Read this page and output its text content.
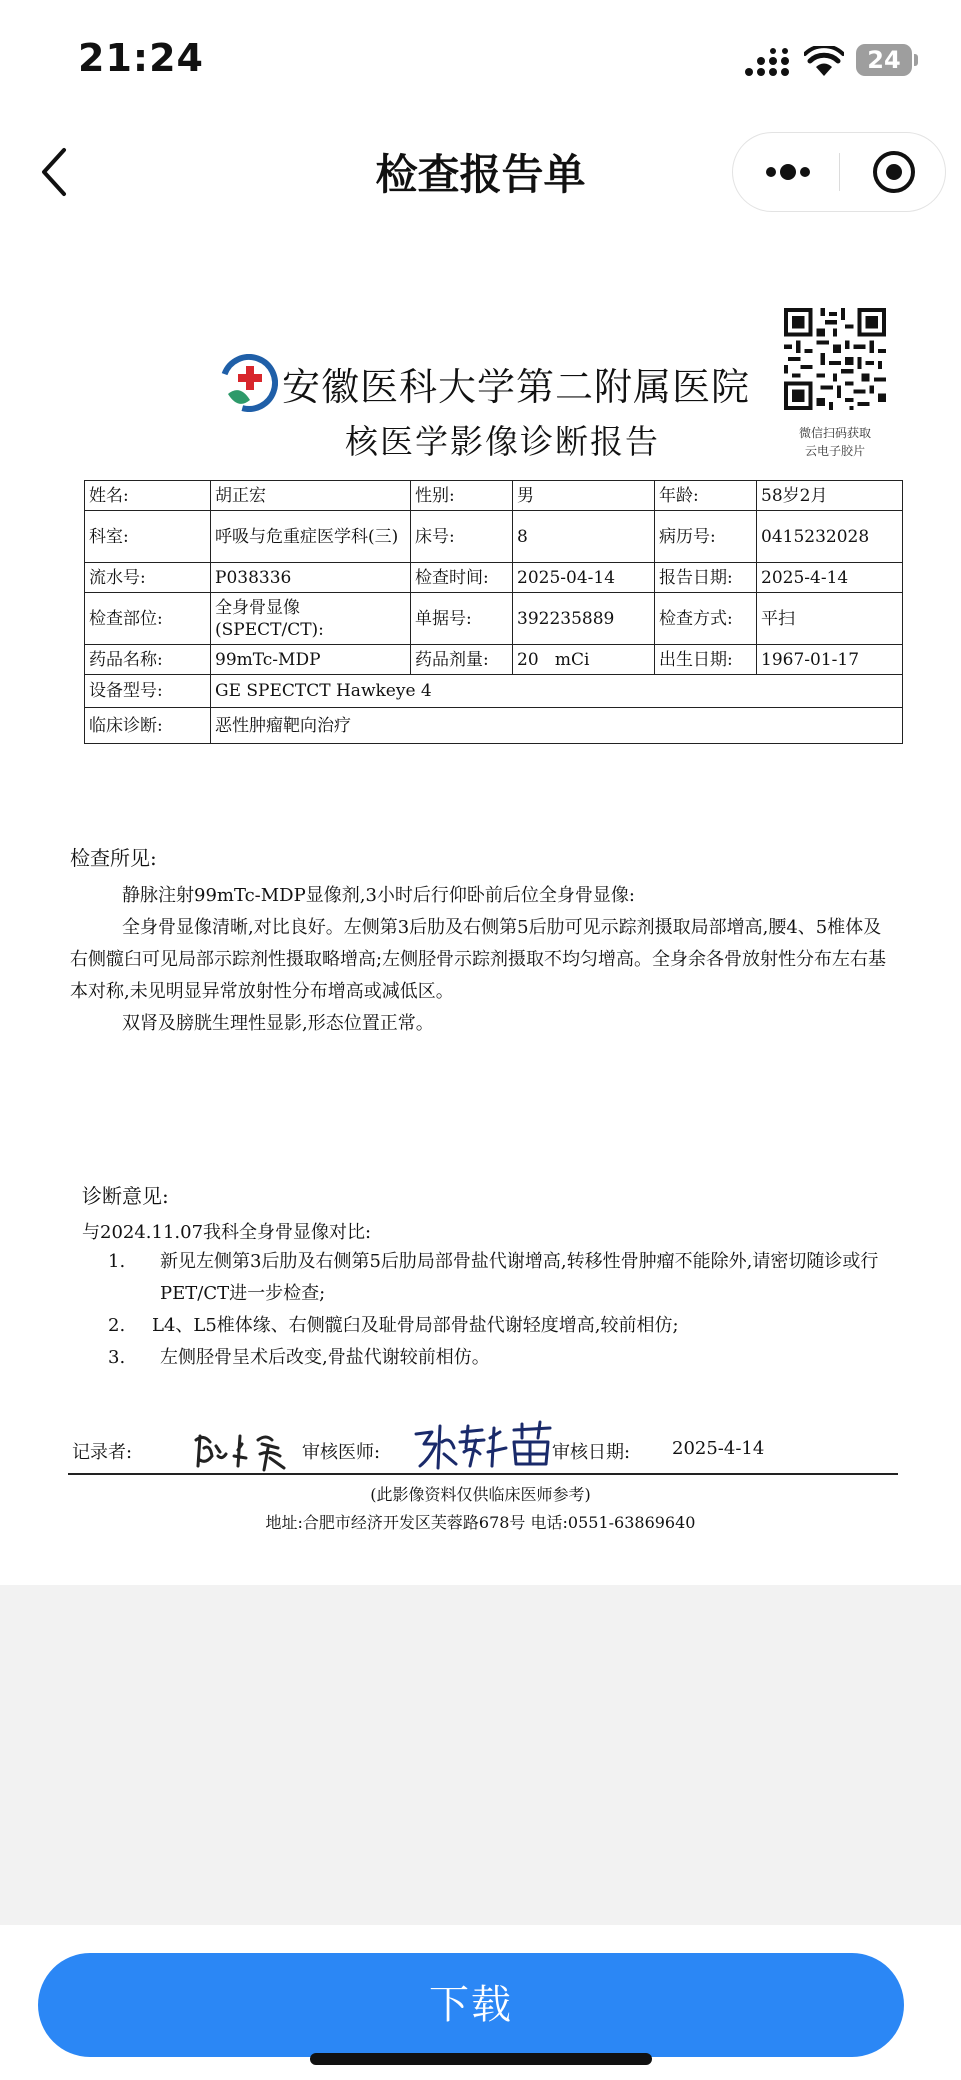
21:24	24
检查报告单
安徽医科大学第二附属医院
核医学影像诊断报告	微信扫码获取
云电子胶片
姓名:	胡正宏	性别:	男	年龄:	58岁2月
科室:	呼吸与危重症医学科(三)	床号:	8	病历号:	0415232028
流水号:	P038336	检查时间:	2025-04-14	报告日期:	2025-4-14
检查部位:	全身骨显像(SPECT/CT):	单据号:	392235889	检查方式:	平扫
药品名称:	99mTc-MDP	药品剂量:	20   mCi	出生日期:	1967-01-17
设备型号:	GE SPECTCT Hawkeye 4				
临床诊断:	恶性肿瘤靶向治疗				
检查所见:
静脉注射99mTc-MDP显像剂,3小时后行仰卧前后位全身骨显像:
全身骨显像清晰,对比良好。左侧第3后肋及右侧第5后肋可见示踪剂摄取局部增高,腰4、5椎体及右侧髋臼可见局部示踪剂性摄取略增高;左侧胫骨示踪剂摄取不均匀增高。全身余各骨放射性分布左右基本对称,未见明显异常放射性分布增高或减低区。
双肾及膀胱生理性显影,形态位置正常。
诊断意见:
与2024.11.07我科全身骨显像对比:
1.	新见左侧第3后肋及右侧第5后肋局部骨盐代谢增高,转移性骨肿瘤不能除外,请密切随诊或行PET/CT进一步检查;
2.	L4、L5椎体缘、右侧髋臼及耻骨局部骨盐代谢轻度增高,较前相仿;
3.	左侧胫骨呈术后改变,骨盐代谢较前相仿。
记录者:	审核医师:	审核日期: 2025-4-14
(此影像资料仅供临床医师参考)
地址:合肥市经济开发区芙蓉路678号 电话:0551-63869640
下载
